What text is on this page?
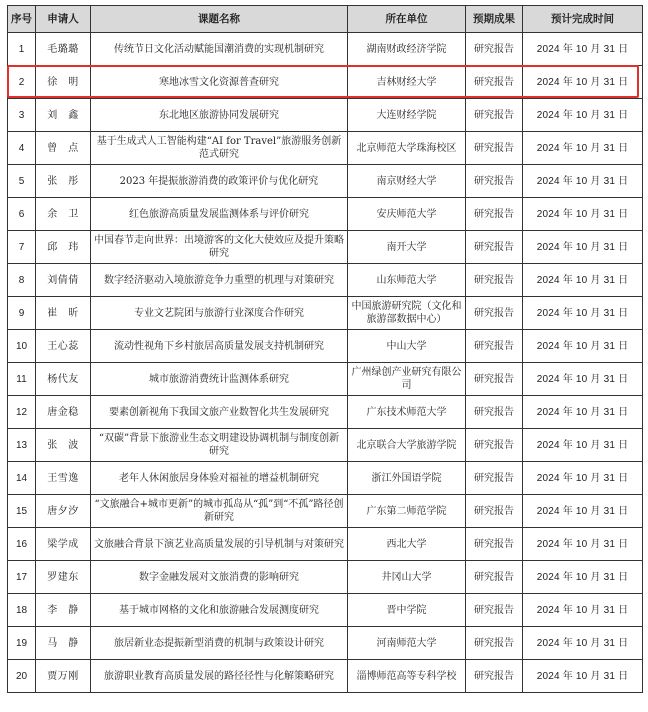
序号	申请人	课题名称	所在单位	预期成果	预计完成时间
1	毛璐璐	传统节日文化活动赋能国潮消费的实现机制研究	湖南财政经济学院	研究报告	2024 年 10 月 31 日
2	徐　明	寒地冰雪文化资源普查研究	吉林财经大学	研究报告	2024 年 10 月 31 日
3	刘　鑫	东北地区旅游协同发展研究	大连财经学院	研究报告	2024 年 10 月 31 日
4	曾　点	基于生成式人工智能构建“AI for Travel”旅游服务创新范式研究	北京师范大学珠海校区	研究报告	2024 年 10 月 31 日
5	张　彤	2023 年提振旅游消费的政策评价与优化研究	南京财经大学	研究报告	2024 年 10 月 31 日
6	余　卫	红色旅游高质量发展监测体系与评价研究	安庆师范大学	研究报告	2024 年 10 月 31 日
7	邱　玮	中国春节走向世界：出境游客的文化大使效应及提升策略研究	南开大学	研究报告	2024 年 10 月 31 日
8	刘倩倩	数字经济驱动入境旅游竞争力重塑的机理与对策研究	山东师范大学	研究报告	2024 年 10 月 31 日
9	崔　昕	专业文艺院团与旅游行业深度合作研究	中国旅游研究院（文化和旅游部数据中心）	研究报告	2024 年 10 月 31 日
10	王心蕊	流动性视角下乡村旅居高质量发展支持机制研究	中山大学	研究报告	2024 年 10 月 31 日
11	杨代友	城市旅游消费统计监测体系研究	广州绿创产业研究有限公司	研究报告	2024 年 10 月 31 日
12	唐金稳	要素创新视角下我国文旅产业数智化共生发展研究	广东技术师范大学	研究报告	2024 年 10 月 31 日
13	张　波	“双碳”背景下旅游业生态文明建设协调机制与制度创新研究	北京联合大学旅游学院	研究报告	2024 年 10 月 31 日
14	王雪逸	老年人休闲旅居身体验对福祉的增益机制研究	浙江外国语学院	研究报告	2024 年 10 月 31 日
15	唐夕汐	“文旅融合+城市更新”的城市孤岛从“孤”到“不孤”路径创新研究	广东第二师范学院	研究报告	2024 年 10 月 31 日
16	梁学成	文旅融合背景下演艺业高质量发展的引导机制与对策研究	西北大学	研究报告	2024 年 10 月 31 日
17	罗建东	数字金融发展对文旅消费的影响研究	井冈山大学	研究报告	2024 年 10 月 31 日
18	李　静	基于城市网格的文化和旅游融合发展测度研究	晋中学院	研究报告	2024 年 10 月 31 日
19	马　静	旅居新业态提振新型消费的机制与政策设计研究	河南师范大学	研究报告	2024 年 10 月 31 日
20	贾万刚	旅游职业教育高质量发展的路径径性与化解策略研究	淄博师范高等专科学校	研究报告	2024 年 10 月 31 日
